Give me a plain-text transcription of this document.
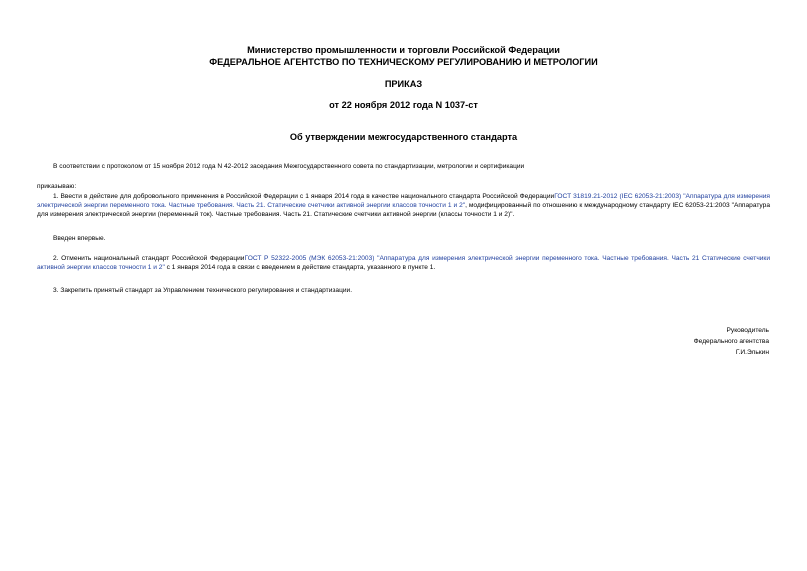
Министерство промышленности и торговли Российской Федерации
ФЕДЕРАЛЬНОЕ АГЕНТСТВО ПО ТЕХНИЧЕСКОМУ РЕГУЛИРОВАНИЮ И МЕТРОЛОГИИ
ПРИКАЗ
от 22 ноября 2012 года N 1037-ст
Об утверждении межгосударственного стандарта
В соответствии с протоколом от 15 ноября 2012 года N 42-2012 заседания Межгосударственного совета по стандартизации, метрологии и сертификации
приказываю:
1. Ввести в действие для добровольного применения в Российской Федерации с 1 января 2014 года в качестве национального стандарта Российской ФедерацииГОСТ 31819.21-2012 (IEC 62053-21:2003) "Аппаратура для измерения электрической энергии переменного тока. Частные требования. Часть 21. Статические счетчики активной энергии классов точности 1 и 2", модифицированный по отношению к международному стандарту IEC 62053-21:2003 "Аппаратура для измерения электрической энергии (переменный ток). Частные требования. Часть 21. Статические счетчики активной энергии (классы точности 1 и 2)".
Введен впервые.
2. Отменить национальный стандарт Российской ФедерацииГОСТ Р 52322-2005 (МЭК 62053-21:2003) "Аппаратура для измерения электрической энергии переменного тока. Частные требования. Часть 21 Статические счетчики активной энергии классов точности 1 и 2" с 1 января 2014 года в связи с введением в действие стандарта, указанного в пункте 1.
3. Закрепить принятый стандарт за Управлением технического регулирования и стандартизации.
Руководитель
Федерального агентства
Г.И.Элькин
